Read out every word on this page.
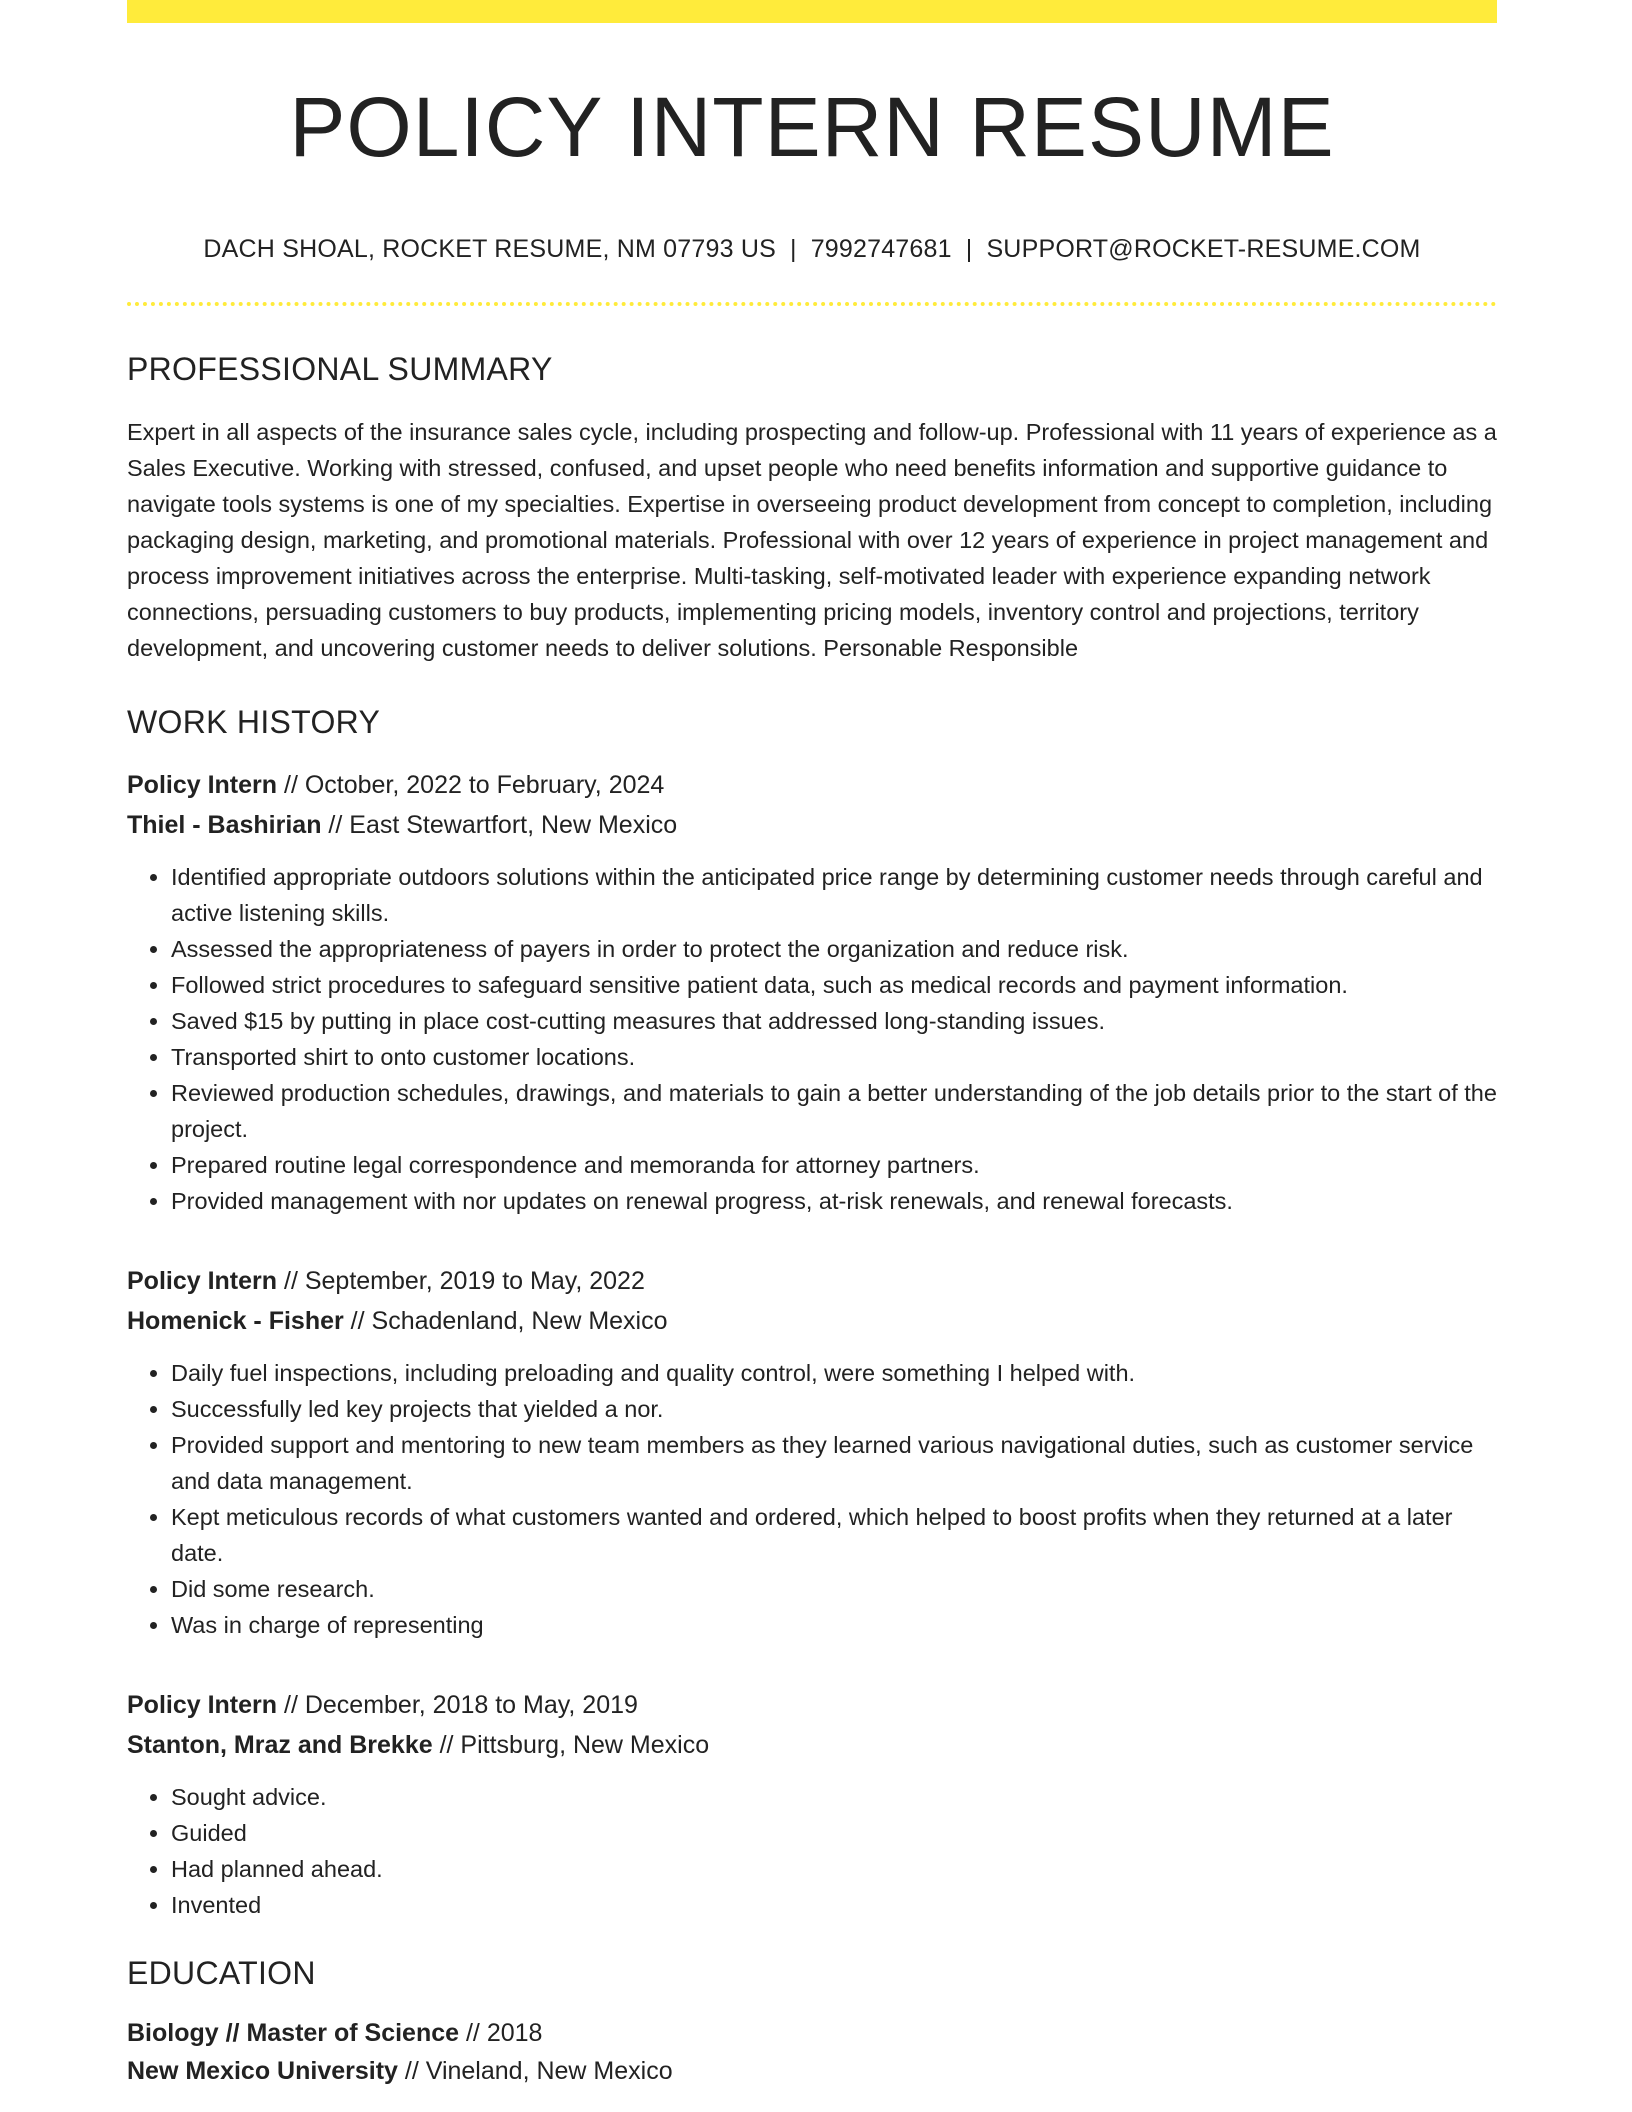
POLICY INTERN RESUME
DACH SHOAL, ROCKET RESUME, NM 07793 US | 7992747681 | SUPPORT@ROCKET-RESUME.COM
PROFESSIONAL SUMMARY

Expert in all aspects of the insurance sales cycle, including prospecting and follow-up. Professional with 11 years of experience as a Sales Executive. Working with stressed, confused, and upset people who need benefits information and supportive guidance to navigate tools systems is one of my specialties. Expertise in overseeing product development from concept to completion, including packaging design, marketing, and promotional materials. Professional with over 12 years of experience in project management and process improvement initiatives across the enterprise. Multi-tasking, self-motivated leader with experience expanding network connections, persuading customers to buy products, implementing pricing models, inventory control and projections, territory development, and uncovering customer needs to deliver solutions. Personable Responsible

WORK HISTORY
Policy Intern // October, 2022 to February, 2024
Thiel - Bashirian // East Stewartfort, New Mexico
• Identified appropriate outdoors solutions within the anticipated price range by determining customer needs through careful and active listening skills.
• Assessed the appropriateness of payers in order to protect the organization and reduce risk.
• Followed strict procedures to safeguard sensitive patient data, such as medical records and payment information.
• Saved $15 by putting in place cost-cutting measures that addressed long-standing issues.
• Transported shirt to onto customer locations.
• Reviewed production schedules, drawings, and materials to gain a better understanding of the job details prior to the start of the project.
• Prepared routine legal correspondence and memoranda for attorney partners.
• Provided management with nor updates on renewal progress, at-risk renewals, and renewal forecasts.
Policy Intern // September, 2019 to May, 2022
Homenick - Fisher // Schadenland, New Mexico
• Daily fuel inspections, including preloading and quality control, were something I helped with.
• Successfully led key projects that yielded a nor.
• Provided support and mentoring to new team members as they learned various navigational duties, such as customer service and data management.
• Kept meticulous records of what customers wanted and ordered, which helped to boost profits when they returned at a later date.
• Did some research.
• Was in charge of representing
Policy Intern // December, 2018 to May, 2019
Stanton, Mraz and Brekke // Pittsburg, New Mexico
• Sought advice.
• Guided
• Had planned ahead.
• Invented
EDUCATION
Biology // Master of Science // 2018
New Mexico University // Vineland, New Mexico
